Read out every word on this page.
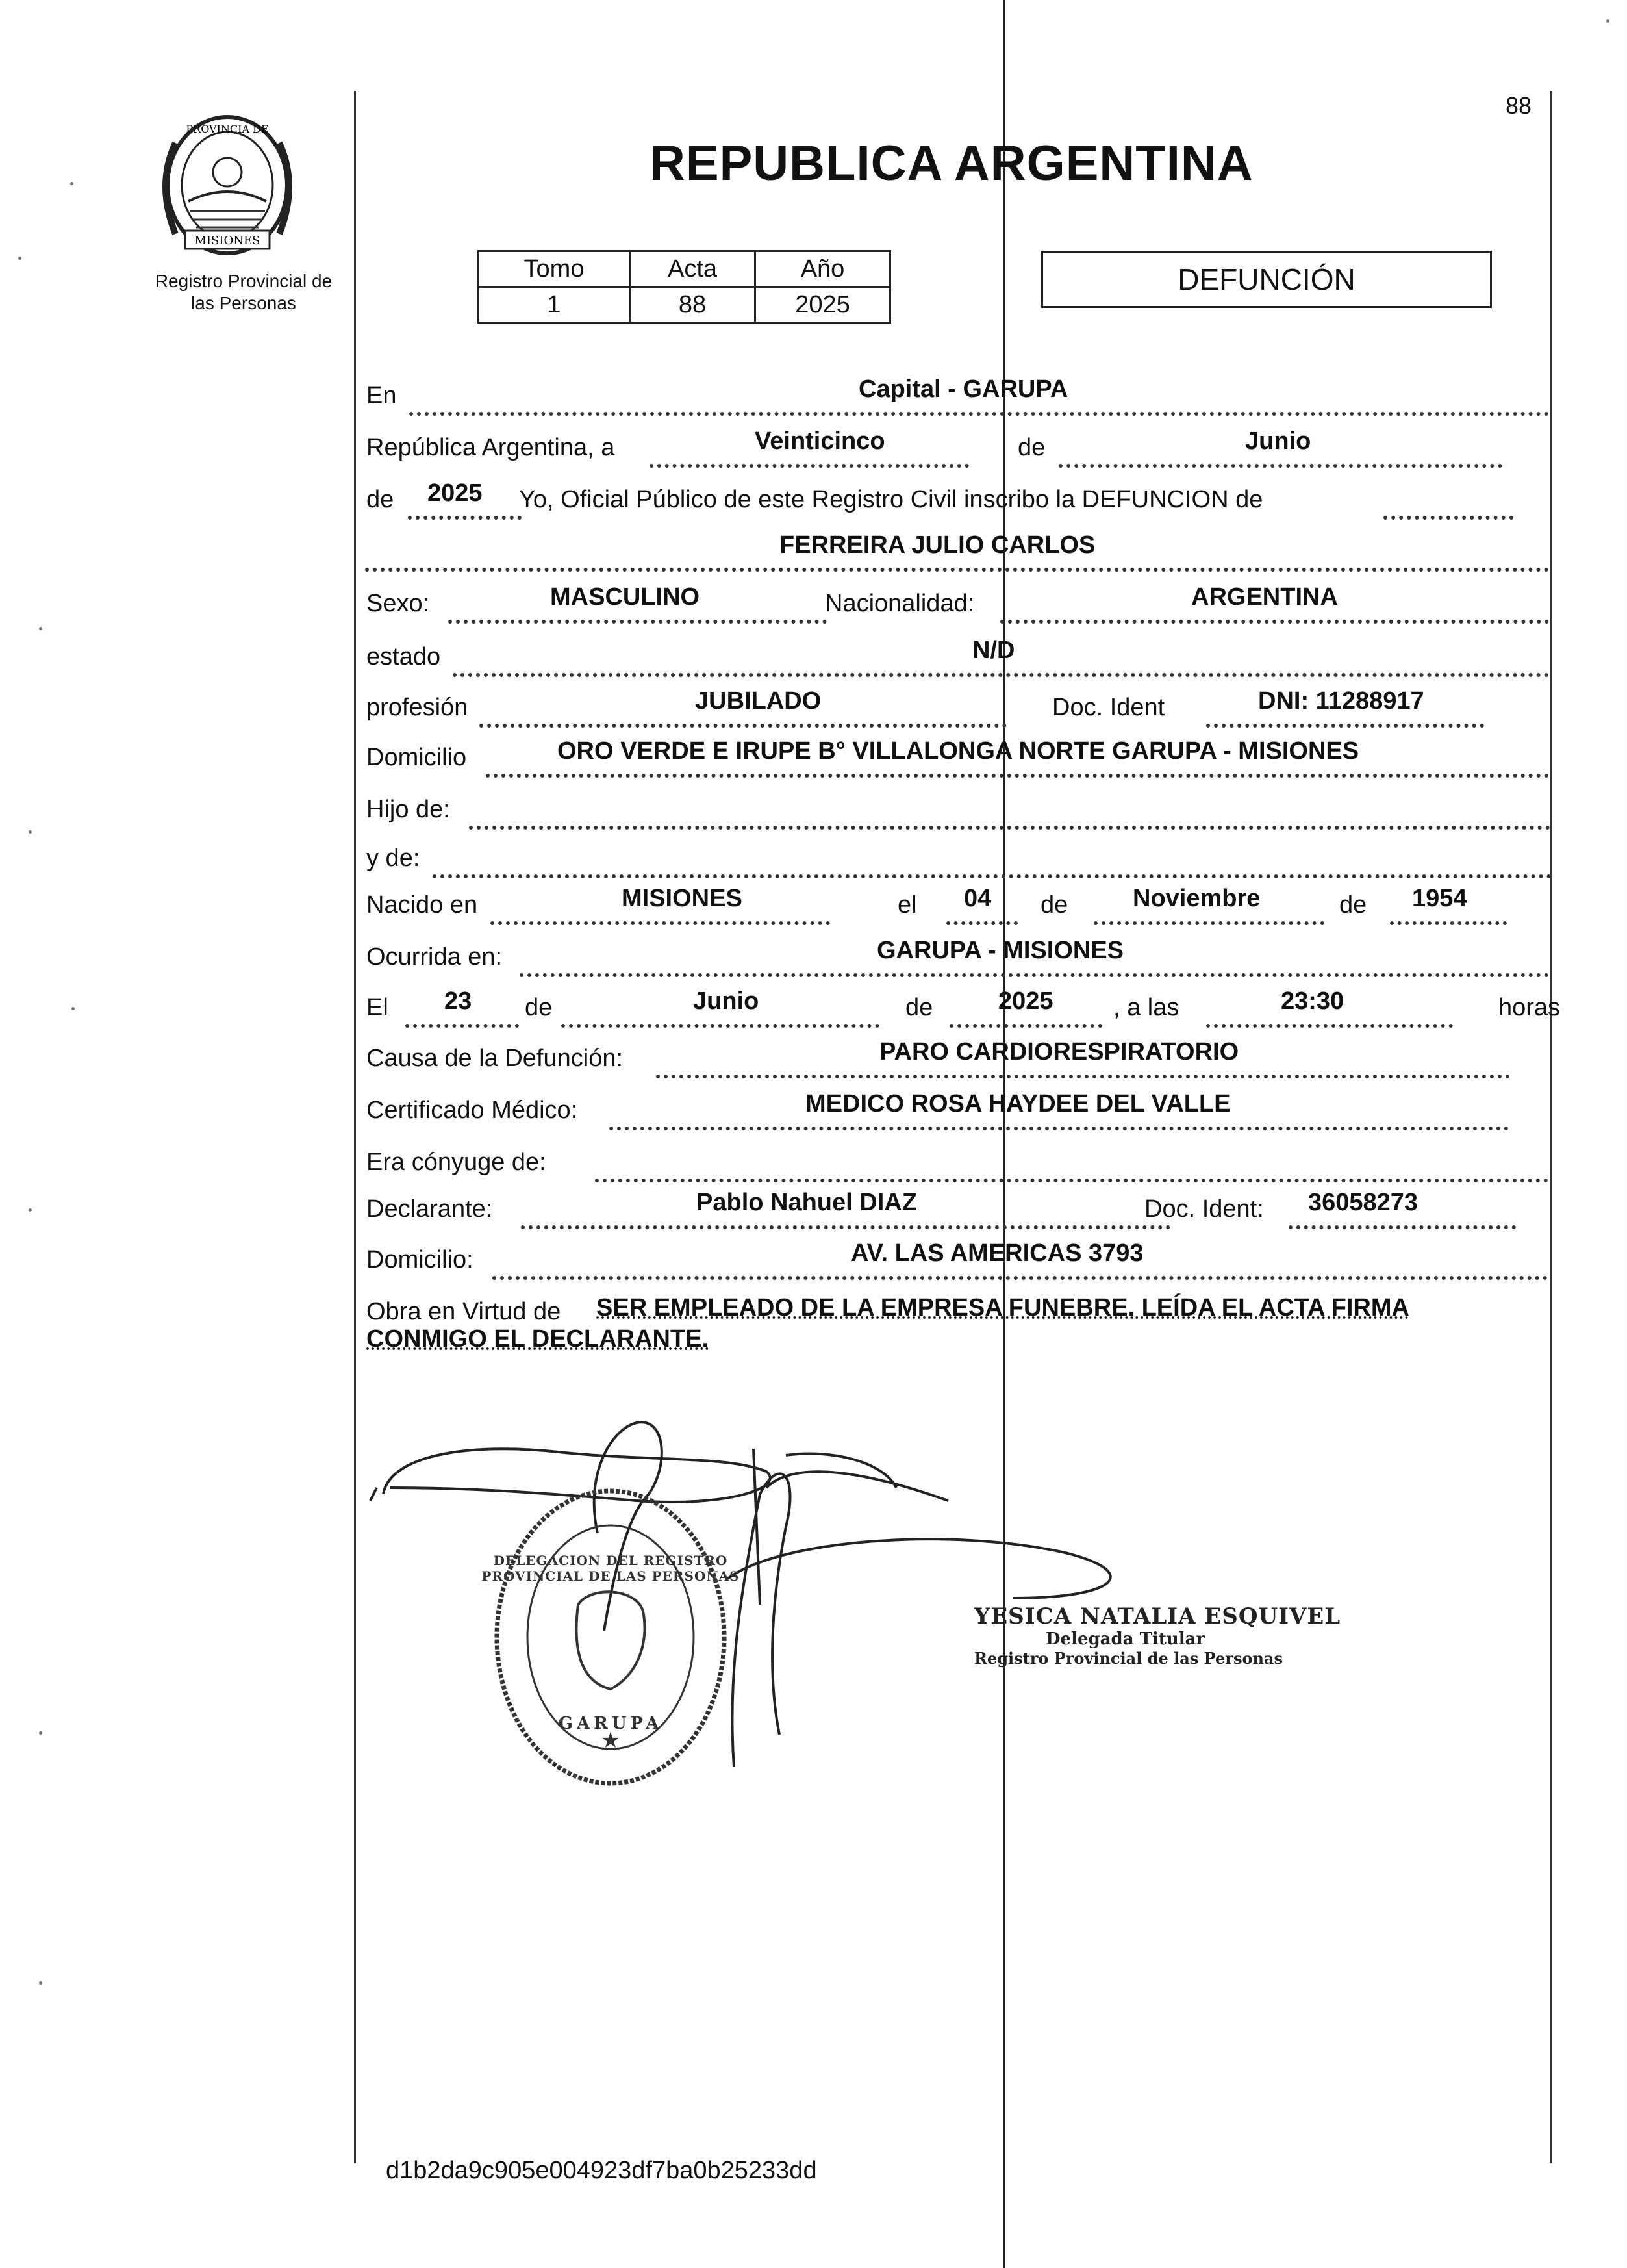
88
PROVINCIA DE
MISIONES
Registro Provincial de
las Personas
REPUBLICA ARGENTINA
Tomo	Acta	Año
1	88	2025
DEFUNCIÓN
En	Capital - GARUPA
República Argentina, a	Veinticinco	de	Junio
de 2025 Yo, Oficial Público de este Registro Civil inscribo la DEFUNCION de
FERREIRA JULIO CARLOS
Sexo:	MASCULINO	Nacionalidad:	ARGENTINA
estado	N/D
profesión	JUBILADO	Doc. Ident	DNI: 11288917
Domicilio	ORO VERDE E IRUPE B° VILLALONGA NORTE GARUPA - MISIONES
Hijo de:
y de:
Nacido en	MISIONES	el 04 de	Noviembre	de 1954
Ocurrida en:	GARUPA - MISIONES
El 23 de	Junio	de	2025 , a las	23:30	horas
Causa de la Defunción:	PARO CARDIORESPIRATORIO
Certificado Médico:	MEDICO ROSA HAYDEE DEL VALLE
Era cónyuge de:
Declarante:	Pablo Nahuel DIAZ	Doc. Ident: 36058273
Domicilio:	AV. LAS AMERICAS 3793
Obra en Virtud de SER EMPLEADO DE LA EMPRESA FUNEBRE. LEÍDA EL ACTA FIRMA
CONMIGO EL DECLARANTE.
★
DELEGACION DEL REGISTRO PROVINCIAL DE LAS PERSONAS
GARUPA
YESICA NATALIA ESQUIVEL
Delegada Titular
Registro Provincial de las Personas
d1b2da9c905e004923df7ba0b25233dd
